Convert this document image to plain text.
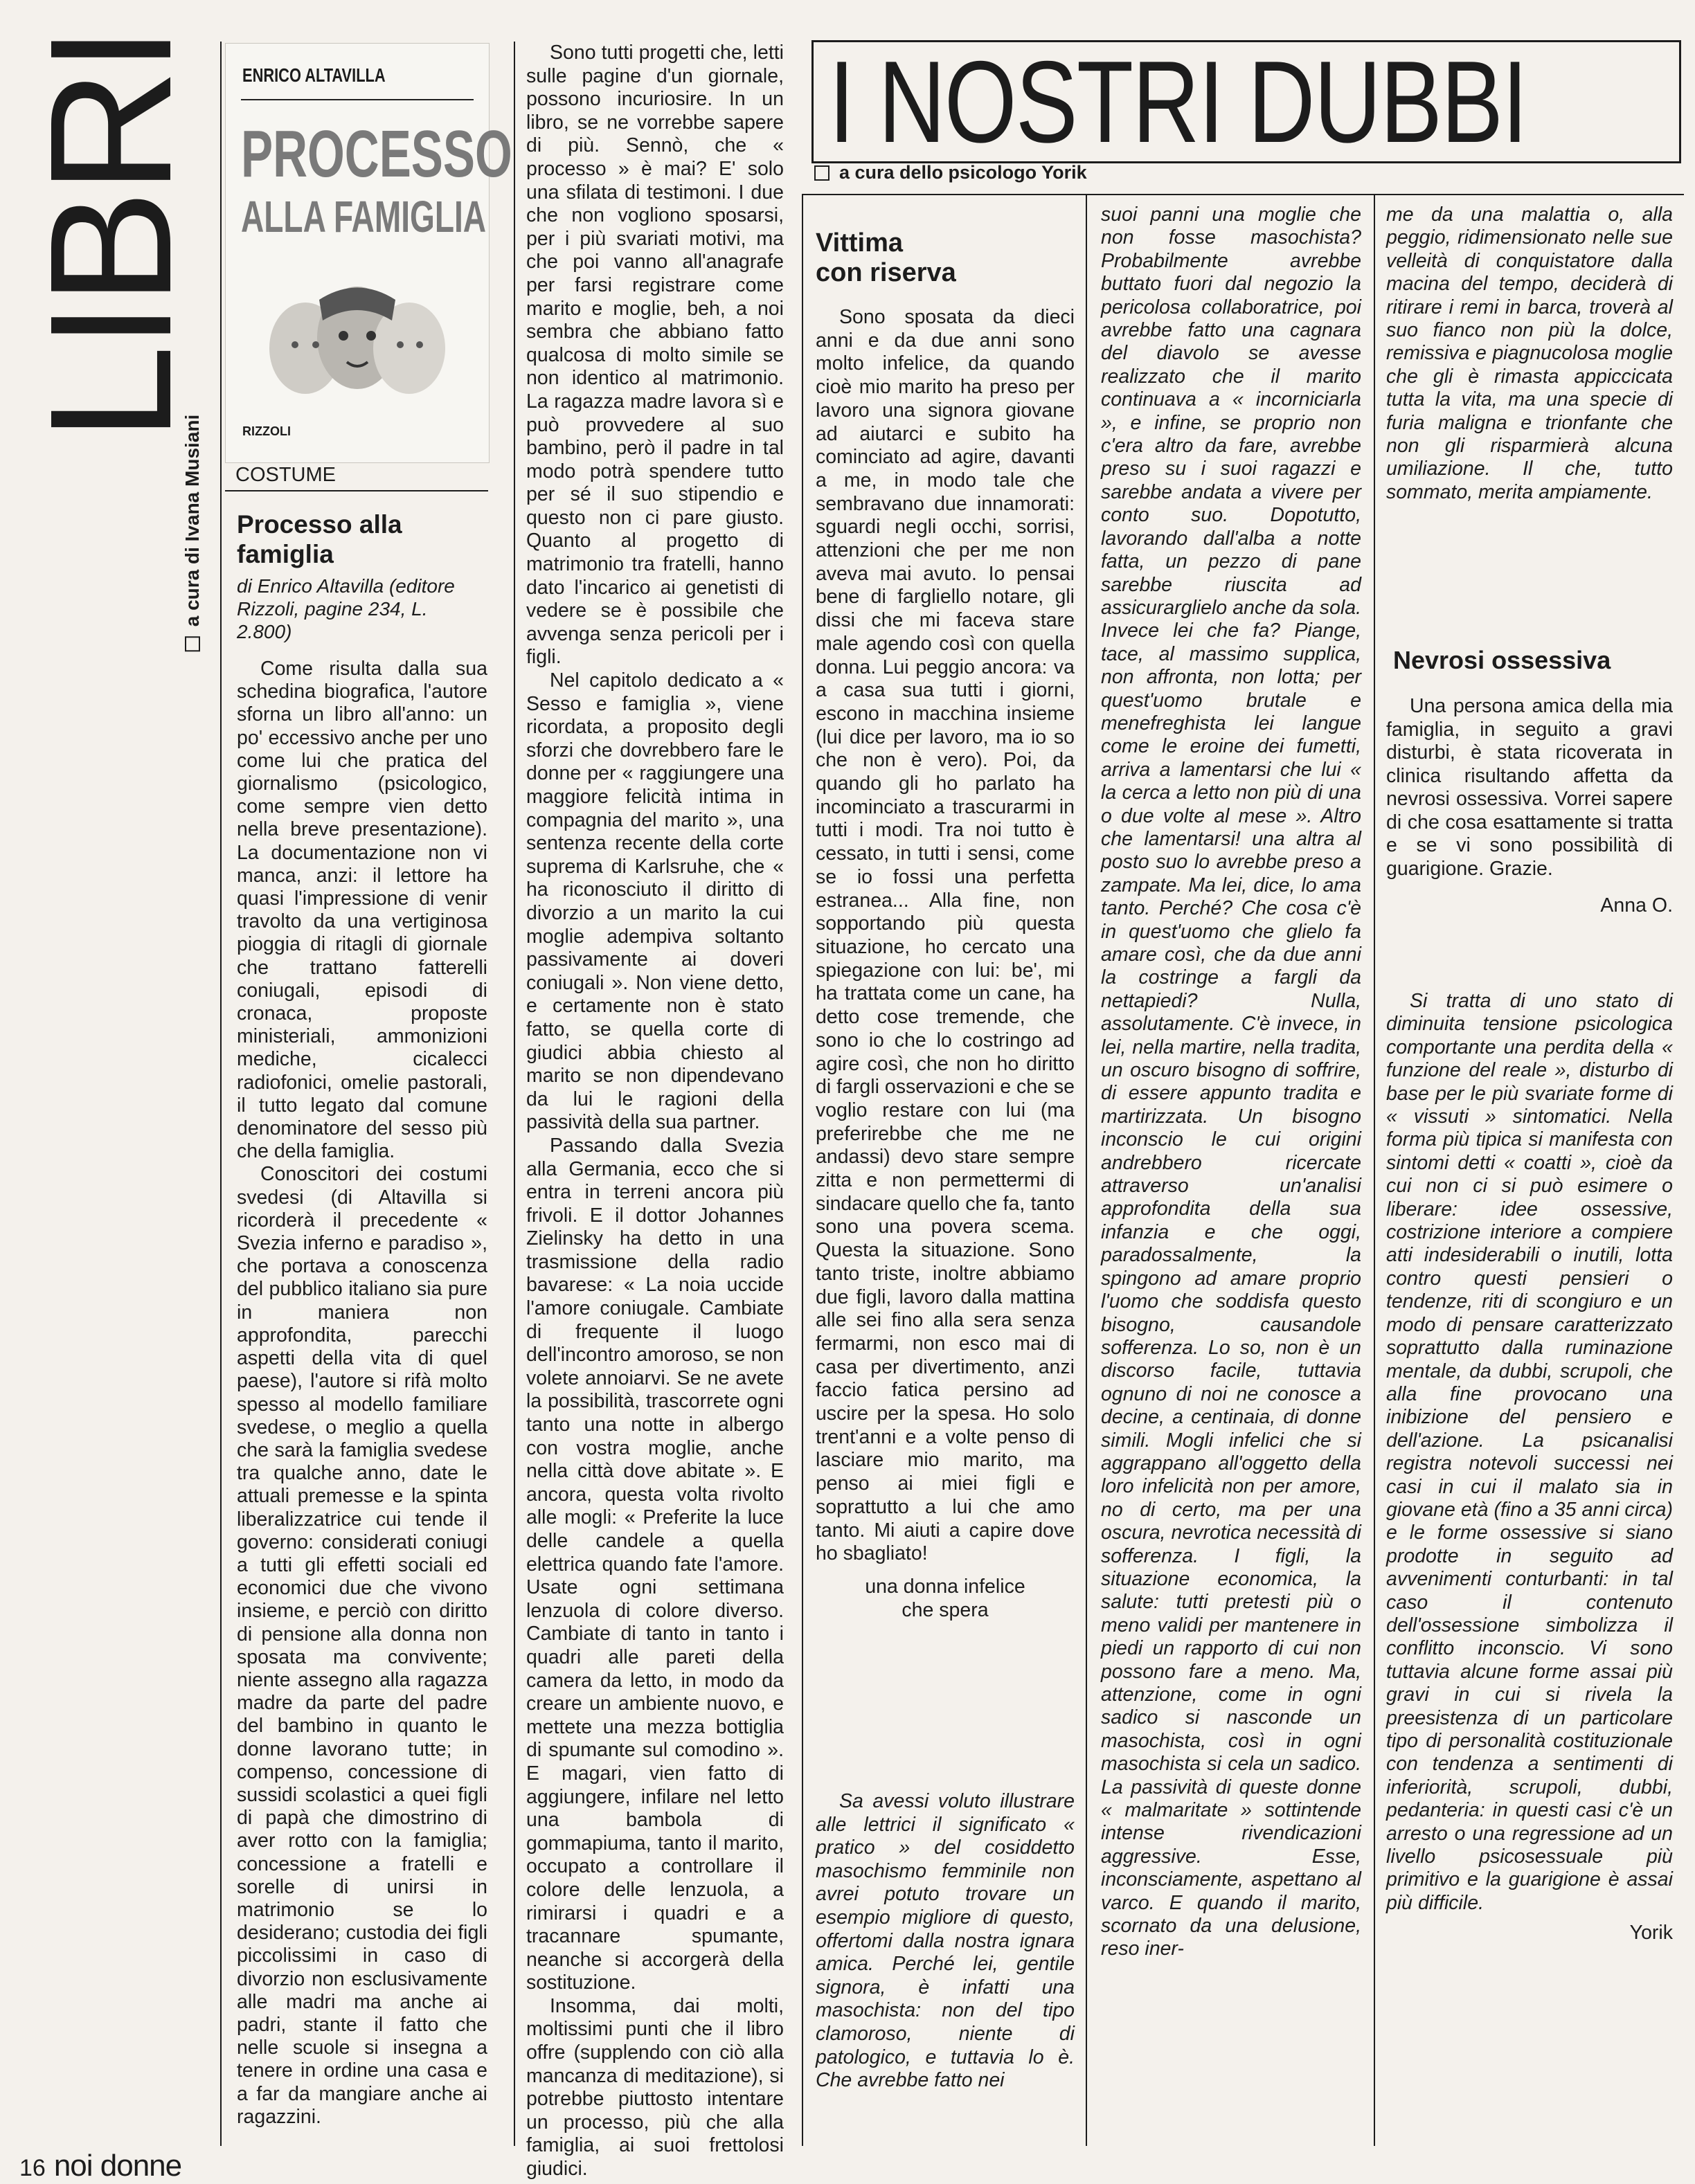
LIBRI
a cura di Ivana Musiani
ENRICO ALTAVILLA
PROCESSO
ALLA FAMIGLIA
RIZZOLI
COSTUME
Processo alla famiglia
di Enrico Altavilla (editore Rizzoli, pagine 234, L. 2.800)

Come risulta dalla sua schedina biografica, l'autore sforna un libro all'anno: un po' eccessivo anche per uno come lui che pratica del giornalismo (psicologico, come sempre vien detto nella breve presentazione). La documentazione non vi manca, anzi: il lettore ha quasi l'impressione di venir travolto da una vertiginosa pioggia di ritagli di giornale che trattano fatterelli coniugali, episodi di cronaca, proposte ministeriali, ammonizioni mediche, cicalecci radiofonici, omelie pastorali, il tutto legato dal comune denominatore del sesso più che della famiglia.

Conoscitori dei costumi svedesi (di Altavilla si ricorderà il precedente « Svezia inferno e paradiso », che portava a conoscenza del pubblico italiano sia pure in maniera non approfondita, parecchi aspetti della vita di quel paese), l'autore si rifà molto spesso al modello familiare svedese, o meglio a quella che sarà la famiglia svedese tra qualche anno, date le attuali premesse e la spinta liberalizzatrice cui tende il governo: considerati coniugi a tutti gli effetti sociali ed economici due che vivono insieme, e perciò con diritto di pensione alla donna non sposata ma convivente; niente assegno alla ragazza madre da parte del padre del bambino in quanto le donne lavorano tutte; in compenso, concessione di sussidi scolastici a quei figli di papà che dimostrino di aver rotto con la famiglia; concessione a fratelli e sorelle di unirsi in matrimonio se lo desiderano; custodia dei figli piccolissimi in caso di divorzio non esclusivamente alle madri ma anche ai padri, stante il fatto che nelle scuole si insegna a tenere in ordine una casa e a far da mangiare anche ai ragazzini.

Sono tutti progetti che, letti sulle pagine d'un giornale, possono incuriosire. In un libro, se ne vorrebbe sapere di più. Sennò, che « processo » è mai? E' solo una sfilata di testimoni. I due che non vogliono sposarsi, per i più svariati motivi, ma che poi vanno all'anagrafe per farsi registrare come marito e moglie, beh, a noi sembra che abbiano fatto qualcosa di molto simile se non identico al matrimonio. La ragazza madre lavora sì e può provvedere al suo bambino, però il padre in tal modo potrà spendere tutto per sé il suo stipendio e questo non ci pare giusto. Quanto al progetto di matrimonio tra fratelli, hanno dato l'incarico ai genetisti di vedere se è possibile che avvenga senza pericoli per i figli.

Nel capitolo dedicato a « Sesso e famiglia », viene ricordata, a proposito degli sforzi che dovrebbero fare le donne per « raggiungere una maggiore felicità intima in compagnia del marito », una sentenza recente della corte suprema di Karlsruhe, che « ha riconosciuto il diritto di divorzio a un marito la cui moglie adempiva soltanto passivamente ai doveri coniugali ». Non viene detto, e certamente non è stato fatto, se quella corte di giudici abbia chiesto al marito se non dipendevano da lui le ragioni della passività della sua partner.

Passando dalla Svezia alla Germania, ecco che si entra in terreni ancora più frivoli. E il dottor Johannes Zielinsky ha detto in una trasmissione della radio bavarese: « La noia uccide l'amore coniugale. Cambiate di frequente il luogo dell'incontro amoroso, se non volete annoiarvi. Se ne avete la possibilità, trascorrete ogni tanto una notte in albergo con vostra moglie, anche nella città dove abitate ». E ancora, questa volta rivolto alle mogli: « Preferite la luce delle candele a quella elettrica quando fate l'amore. Usate ogni settimana lenzuola di colore diverso. Cambiate di tanto in tanto i quadri alle pareti della camera da letto, in modo da creare un ambiente nuovo, e mettete una mezza bottiglia di spumante sul comodino ». E magari, vien fatto di aggiungere, infilare nel letto una bambola di gommapiuma, tanto il marito, occupato a controllare il colore delle lenzuola, a rimirarsi i quadri e a tracannare spumante, neanche si accorgerà della sostituzione.

Insomma, dai molti, moltissimi punti che il libro offre (supplendo con ciò alla mancanza di meditazione), si potrebbe piuttosto intentare un processo, più che alla famiglia, ai suoi frettolosi giudici.

I NOSTRI DUBBI
a cura dello psicologo Yorik
Vittima
con riserva

Sono sposata da dieci anni e da due anni sono molto infelice, da quando cioè mio marito ha preso per lavoro una signora giovane ad aiutarci e subito ha cominciato ad agire, davanti a me, in modo tale che sembravano due innamorati: sguardi negli occhi, sorrisi, attenzioni che per me non aveva mai avuto. Io pensai bene di fargliello notare, gli dissi che mi faceva stare male agendo così con quella donna. Lui peggio ancora: va a casa sua tutti i giorni, escono in macchina insieme (lui dice per lavoro, ma io so che non è vero). Poi, da quando gli ho parlato ha incominciato a trascurarmi in tutti i modi. Tra noi tutto è cessato, in tutti i sensi, come se io fossi una perfetta estranea... Alla fine, non sopportando più questa situazione, ho cercato una spiegazione con lui: be', mi ha trattata come un cane, ha detto cose tremende, che sono io che lo costringo ad agire così, che non ho diritto di fargli osservazioni e che se voglio restare con lui (ma preferirebbe che me ne andassi) devo stare sempre zitta e non permettermi di sindacare quello che fa, tanto sono una povera scema. Questa la situazione. Sono tanto triste, inoltre abbiamo due figli, lavoro dalla mattina alle sei fino alla sera senza fermarmi, non esco mai di casa per divertimento, anzi faccio fatica persino ad uscire per la spesa. Ho solo trent'anni e a volte penso di lasciare mio marito, ma penso ai miei figli e soprattutto a lui che amo tanto. Mi aiuti a capire dove ho sbagliato!

una donna infelice

che spera

Sa avessi voluto illustrare alle lettrici il significato « pratico » del cosiddetto masochismo femminile non avrei potuto trovare un esempio migliore di questo, offertomi dalla nostra ignara amica. Perché lei, gentile signora, è infatti una masochista: non del tipo clamoroso, niente di patologico, e tuttavia lo è. Che avrebbe fatto nei

suoi panni una moglie che non fosse masochista? Probabilmente avrebbe buttato fuori dal negozio la pericolosa collaboratrice, poi avrebbe fatto una cagnara del diavolo se avesse realizzato che il marito continuava a « incorniciarla », e infine, se proprio non c'era altro da fare, avrebbe preso su i suoi ragazzi e sarebbe andata a vivere per conto suo. Dopotutto, lavorando dall'alba a notte fatta, un pezzo di pane sarebbe riuscita ad assicurarglielo anche da sola. Invece lei che fa? Piange, tace, al massimo supplica, non affronta, non lotta; per quest'uomo brutale e menefreghista lei langue come le eroine dei fumetti, arriva a lamentarsi che lui « la cerca a letto non più di una o due volte al mese ». Altro che lamentarsi! una altra al posto suo lo avrebbe preso a zampate. Ma lei, dice, lo ama tanto. Perché? Che cosa c'è in quest'uomo che glielo fa amare così, che da due anni la costringe a fargli da nettapiedi? Nulla, assolutamente. C'è invece, in lei, nella martire, nella tradita, un oscuro bisogno di soffrire, di essere appunto tradita e martirizzata. Un bisogno inconscio le cui origini andrebbero ricercate attraverso un'analisi approfondita della sua infanzia e che oggi, paradossalmente, la spingono ad amare proprio l'uomo che soddisfa questo bisogno, causandole sofferenza. Lo so, non è un discorso facile, tuttavia ognuno di noi ne conosce a decine, a centinaia, di donne simili. Mogli infelici che si aggrappano all'oggetto della loro infelicità non per amore, no di certo, ma per una oscura, nevrotica necessità di sofferenza. I figli, la situazione economica, la salute: tutti pretesti più o meno validi per mantenere in piedi un rapporto di cui non possono fare a meno. Ma, attenzione, come in ogni sadico si nasconde un masochista, così in ogni masochista si cela un sadico. La passività di queste donne « malmaritate » sottintende intense rivendicazioni aggressive. Esse, inconsciamente, aspettano al varco. E quando il marito, scornato da una delusione, reso iner-

me da una malattia o, alla peggio, ridimensionato nelle sue velleità di conquistatore dalla macina del tempo, deciderà di ritirare i remi in barca, troverà al suo fianco non più la dolce, remissiva e piagnucolosa moglie che gli è rimasta appiccicata tutta la vita, ma una specie di furia maligna e trionfante che non gli risparmierà alcuna umiliazione. Il che, tutto sommato, merita ampiamente.

Nevrosi ossessiva

Una persona amica della mia famiglia, in seguito a gravi disturbi, è stata ricoverata in clinica risultando affetta da nevrosi ossessiva. Vorrei sapere di che cosa esattamente si tratta e se vi sono possibilità di guarigione. Grazie.

Anna O.

Si tratta di uno stato di diminuita tensione psicologica comportante una perdita della « funzione del reale », disturbo di base per le più svariate forme di « vissuti » sintomatici. Nella forma più tipica si manifesta con sintomi detti « coatti », cioè da cui non ci si può esimere o liberare: idee ossessive, costrizione interiore a compiere atti indesiderabili o inutili, lotta contro questi pensieri o tendenze, riti di scongiuro e un modo di pensare caratterizzato soprattutto dalla ruminazione mentale, da dubbi, scrupoli, che alla fine provocano una inibizione del pensiero e dell'azione. La psicanalisi registra notevoli successi nei casi in cui il malato sia in giovane età (fino a 35 anni circa) e le forme ossessive si siano prodotte in seguito ad avvenimenti conturbanti: in tal caso il contenuto dell'ossessione simbolizza il conflitto inconscio. Vi sono tuttavia alcune forme assai più gravi in cui si rivela la preesistenza di un particolare tipo di personalità costituzionale con tendenza a sentimenti di inferiorità, scrupoli, dubbi, pedanteria: in questi casi c'è un arresto o una regressione ad un livello psicosessuale più primitivo e la guarigione è assai più difficile.

Yorik

16 noi donne
